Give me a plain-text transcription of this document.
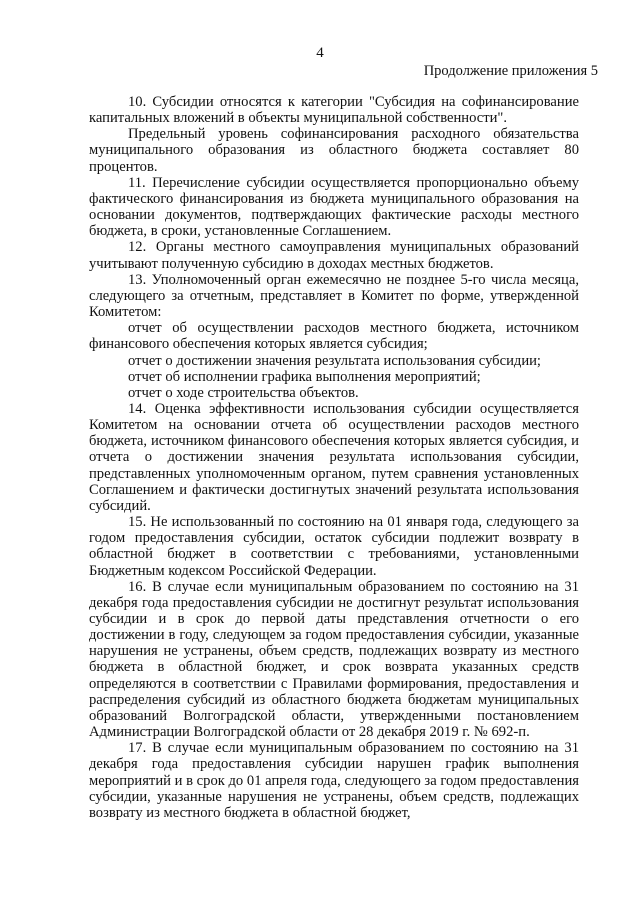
4
Продолжение приложения 5

10. Субсидии относятся к категории "Субсидия на софинансирование капитальных вложений в объекты муниципальной собственности".

Предельный уровень софинансирования расходного обязательства муниципального образования из областного бюджета составляет 80 процентов.

11. Перечисление субсидии осуществляется пропорционально объему фактического финансирования из бюджета муниципального образования на основании документов, подтверждающих фактические расходы местного бюджета, в сроки, установленные Соглашением.

12. Органы местного самоуправления муниципальных образований учитывают полученную субсидию в доходах местных бюджетов.

13. Уполномоченный орган ежемесячно не позднее 5-го числа месяца, следующего за отчетным, представляет в Комитет по форме, утвержденной Комитетом:

отчет об осуществлении расходов местного бюджета, источником финансового обеспечения которых является субсидия;

отчет о достижении значения результата использования субсидии;

отчет об исполнении графика выполнения мероприятий;

отчет о ходе строительства объектов.

14. Оценка эффективности использования субсидии осуществляется Комитетом на основании отчета об осуществлении расходов местного бюджета, источником финансового обеспечения которых является субсидия, и отчета о достижении значения результата использования субсидии, представленных уполномоченным органом, путем сравнения установленных Соглашением и фактически достигнутых значений результата использования субсидий.

15. Не использованный по состоянию на 01 января года, следующего за годом предоставления субсидии, остаток субсидии подлежит возврату в областной бюджет в соответствии с требованиями, установленными Бюджетным кодексом Российской Федерации.

16. В случае если муниципальным образованием по состоянию на 31 декабря года предоставления субсидии не достигнут результат использования субсидии и в срок до первой даты представления отчетности о его достижении в году, следующем за годом предоставления субсидии, указанные нарушения не устранены, объем средств, подлежащих возврату из местного бюджета в областной бюджет, и срок возврата указанных средств определяются в соответствии с Правилами формирования, предоставления и распределения субсидий из областного бюджета бюджетам муниципальных образований Волгоградской области, утвержденными постановлением Администрации Волгоградской области от 28 декабря 2019 г. № 692-п.

17. В случае если муниципальным образованием по состоянию на 31 декабря года предоставления субсидии нарушен график выполнения мероприятий и в срок до 01 апреля года, следующего за годом предоставления субсидии, указанные нарушения не устранены, объем средств, подлежащих возврату из местного бюджета в областной бюджет,
